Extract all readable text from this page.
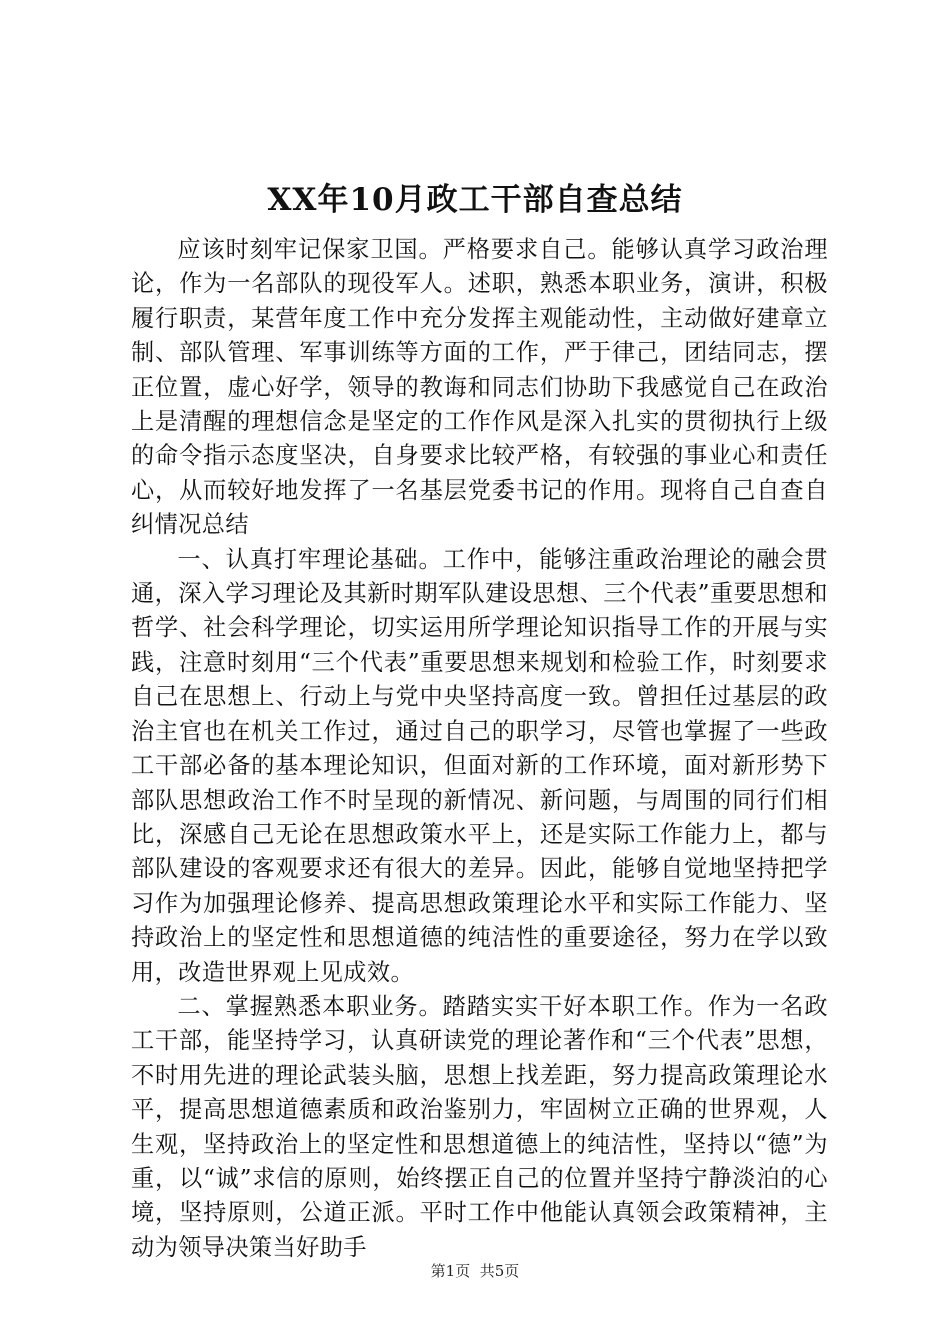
XX年10月政工干部自查总结

应该时刻牢记保家卫国。严格要求自己。能够认真学习政治理论，作为一名部队的现役军人。述职，熟悉本职业务，演讲，积极履行职责，某营年度工作中充分发挥主观能动性，主动做好建章立制、部队管理、军事训练等方面的工作，严于律己，团结同志，摆正位置，虚心好学，领导的教诲和同志们协助下我感觉自己在政治上是清醒的理想信念是坚定的工作作风是深入扎实的贯彻执行上级的命令指示态度坚决，自身要求比较严格，有较强的事业心和责任心，从而较好地发挥了一名基层党委书记的作用。现将自己自查自纠情况总结

一、认真打牢理论基础。工作中，能够注重政治理论的融会贯通，深入学习理论及其新时期军队建设思想、三个代表”重要思想和哲学、社会科学理论，切实运用所学理论知识指导工作的开展与实践，注意时刻用“三个代表”重要思想来规划和检验工作，时刻要求自己在思想上、行动上与党中央坚持高度一致。曾担任过基层的政治主官也在机关工作过，通过自己的职学习，尽管也掌握了一些政工干部必备的基本理论知识，但面对新的工作环境，面对新形势下部队思想政治工作不时呈现的新情况、新问题，与周围的同行们相比，深感自己无论在思想政策水平上，还是实际工作能力上，都与部队建设的客观要求还有很大的差异。因此，能够自觉地坚持把学习作为加强理论修养、提高思想政策理论水平和实际工作能力、坚持政治上的坚定性和思想道德的纯洁性的重要途径，努力在学以致用，改造世界观上见成效。

二、掌握熟悉本职业务。踏踏实实干好本职工作。作为一名政工干部，能坚持学习，认真研读党的理论著作和“三个代表”思想，不时用先进的理论武装头脑，思想上找差距，努力提高政策理论水平，提高思想道德素质和政治鉴别力，牢固树立正确的世界观，人生观，坚持政治上的坚定性和思想道德上的纯洁性，坚持以“德”为重，以“诚”求信的原则，始终摆正自己的位置并坚持宁静淡泊的心境，坚持原则，公道正派。平时工作中他能认真领会政策精神，主动为领导决策当好助手

第1页 共5页
